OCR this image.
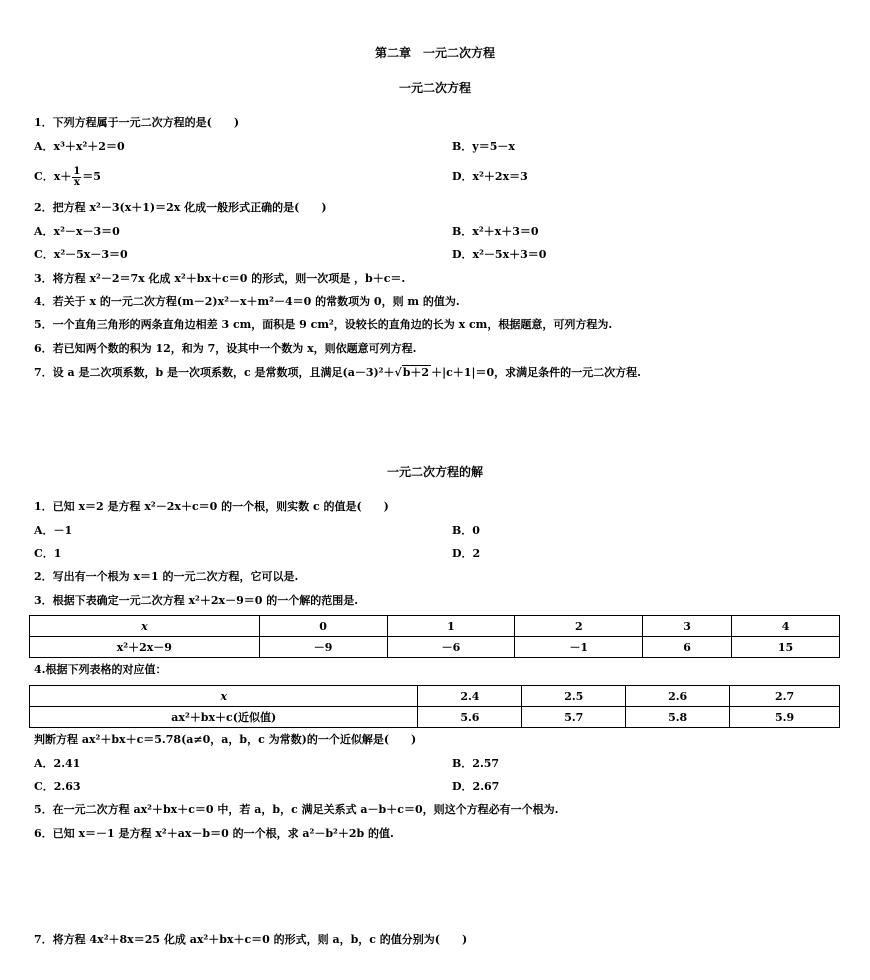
第二章　一元二次方程
一元二次方程
1．下列方程属于一元二次方程的是(　　)
A．x³＋x²＋2＝0	B．y＝5－x
C．$x+ \frac{1}{x} =5$	D．x²＋2x＝3
2．把方程 x²－3(x＋1)＝2x 化成一般形式正确的是(　　)
A．x²－x－3＝0	B．x²＋x＋3＝0
C．x²－5x－3＝0	D．x²－5x＋3＝0
3．将方程 x²－2＝7x 化成 x²＋bx＋c＝0 的形式，则一次项是 ，b＋c＝.
4．若关于 x 的一元二次方程(m－2)x²－x＋m²－4＝0 的常数项为 0，则 m 的值为.
5．一个直角三角形的两条直角边相差 3 cm，面积是 9 cm²，设较长的直角边的长为 x cm，根据题意，可列方程为.
6．若已知两个数的积为 12，和为 7，设其中一个数为 x，则依题意可列方程.
7．设 a 是二次项系数，b 是一次项系数，c 是常数项，且满足(a－3)²＋√b＋2 ＋|c＋1|＝0，求满足条件的一元二次方程.
一元二次方程的解
1．已知 x＝2 是方程 x²－2x＋c＝0 的一个根，则实数 c 的值是(　　)
A．－1	B．0
C．1	D．2
2．写出有一个根为 x＝1 的一元二次方程，它可以是.
3．根据下表确定一元二次方程 x²＋2x－9＝0 的一个解的范围是.
x	0	1	2	3	4
x²＋2x－9	－9	－6	－1	6	15
4.根据下列表格的对应值：
x	2.4	2.5	2.6	2.7
ax²＋bx＋c(近似值)	5.6	5.7	5.8	5.9
判断方程 ax²＋bx＋c＝5.78(a≠0，a，b，c 为常数)的一个近似解是(　　)
A．2.41	B．2.57
C．2.63	D．2.67
5．在一元二次方程 ax²＋bx＋c＝0 中，若 a，b，c 满足关系式 a－b＋c＝0，则这个方程必有一个根为.
6．已知 x＝－1 是方程 x²＋ax－b＝0 的一个根，求 a²－b²＋2b 的值.
7．将方程 4x²＋8x＝25 化成 ax²＋bx＋c＝0 的形式，则 a，b，c 的值分别为(　　)
